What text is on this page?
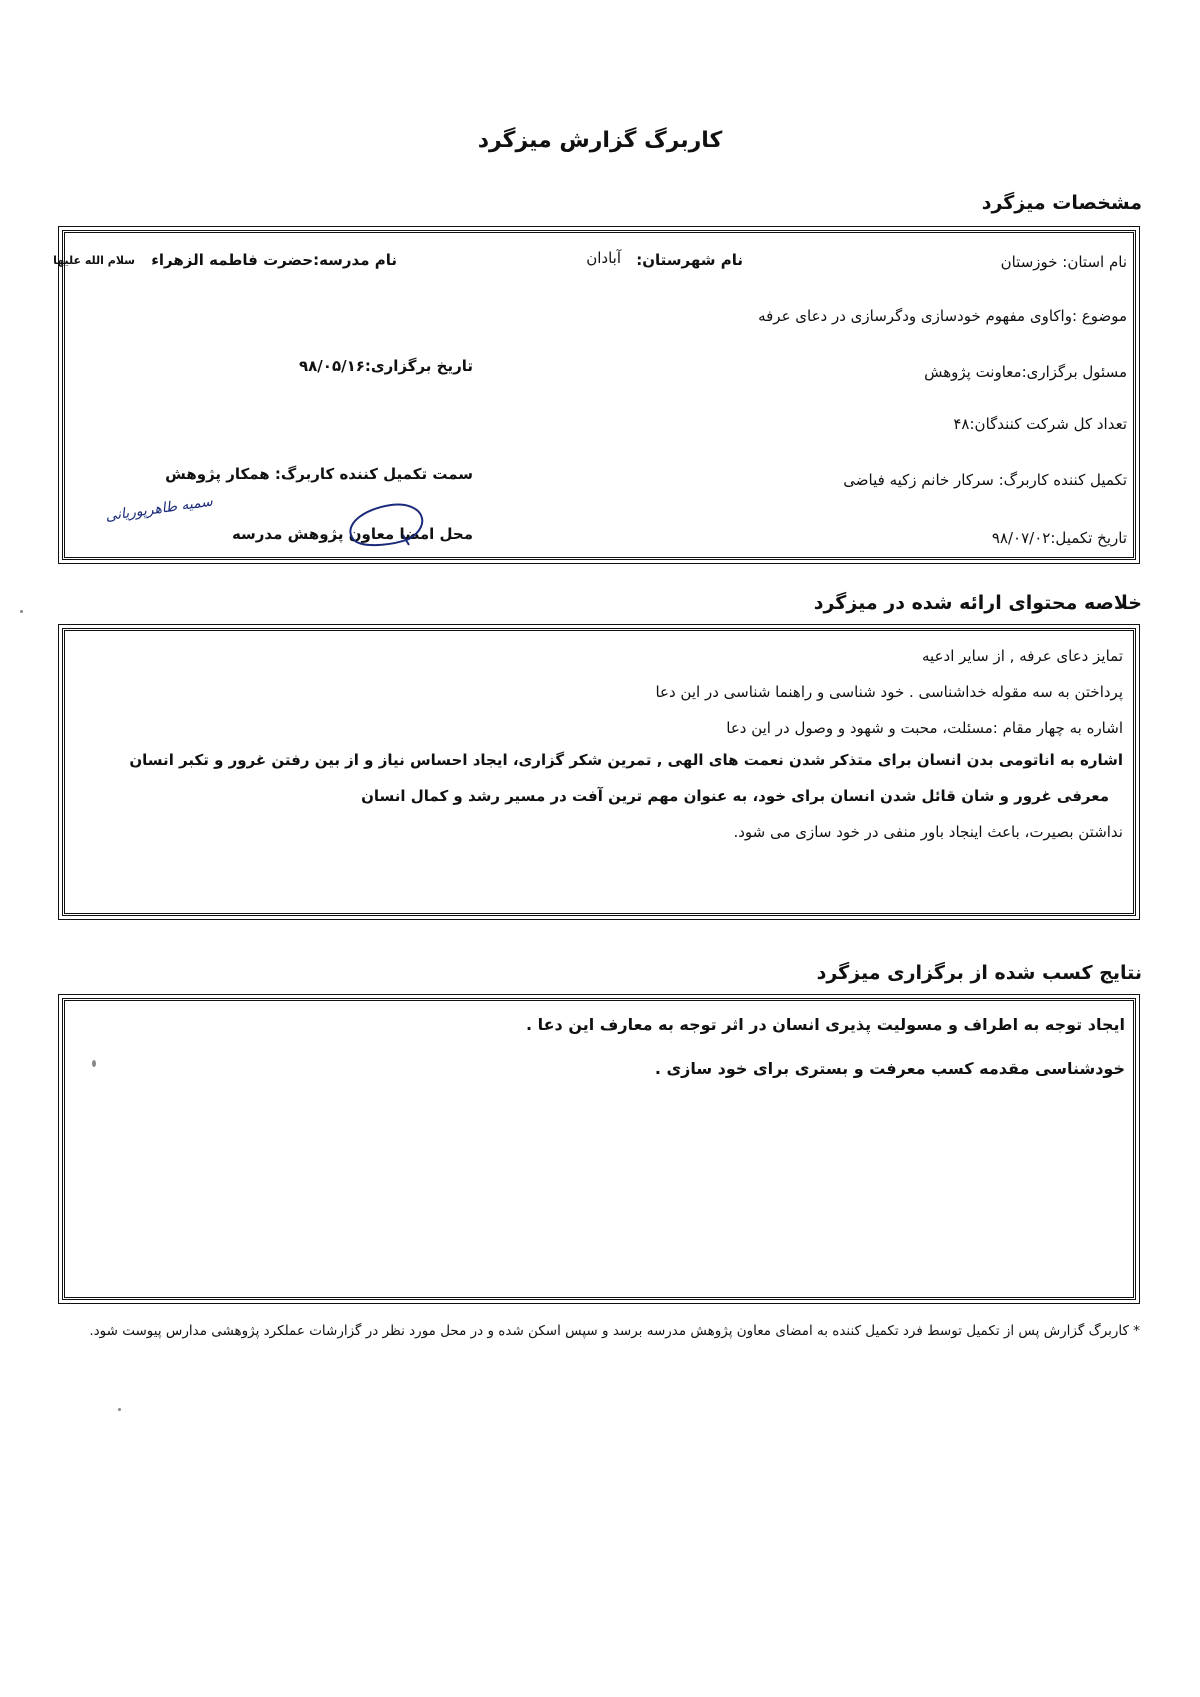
کاربرگ گزارش میزگرد
مشخصات میزگرد
نام استان: خوزستان
نام شهرستان:
آبادان
نام مدرسه:حضرت فاطمه الزهراء
سلام الله علیها
موضوع :واکاوی مفهوم خودسازی ودگرسازی در دعای عرفه
مسئول برگزاری:معاونت پژوهش
تاریخ برگزاری:۹۸/۰۵/۱۶
تعداد کل شرکت کنندگان:۴۸
تکمیل کننده کاربرگ: سرکار خانم زکیه فیاضی
سمت تکمیل کننده کاربرگ: همکار پژوهش
تاریخ تکمیل:۹۸/۰۷/۰۲
محل امضا معاون پژوهش مدرسه
سمیه طاهرپوریانی
خلاصه محتوای ارائه شده در میزگرد
تمایز دعای عرفه , از سایر ادعیه
پرداختن به سه مقوله خداشناسی . خود شناسی و راهنما شناسی در این دعا
اشاره به چهار مقام :مسئلت، محبت و شهود و وصول در این دعا
اشاره به اناتومی بدن انسان برای متذکر شدن نعمت های الهی , تمرین شکر گزاری، ایجاد احساس نیاز و از بین رفتن غرور و تکبر انسان
معرفی غرور و شان قائل شدن انسان برای خود، به عنوان مهم ترین آفت در مسیر رشد و کمال انسان
نداشتن بصیرت، باعث اینجاد باور منفی در خود سازی می شود.
نتایج کسب شده از برگزاری میزگرد
ایجاد توجه به اطراف و مسولیت پذیری انسان در اثر توجه به معارف این دعا .
خودشناسی مقدمه کسب معرفت و بستری برای خود سازی .
* کاربرگ گزارش پس از تکمیل توسط فرد تکمیل کننده به امضای معاون پژوهش مدرسه برسد و سپس اسکن شده و در محل مورد نظر در گزارشات عملکرد پژوهشی مدارس پیوست شود.
